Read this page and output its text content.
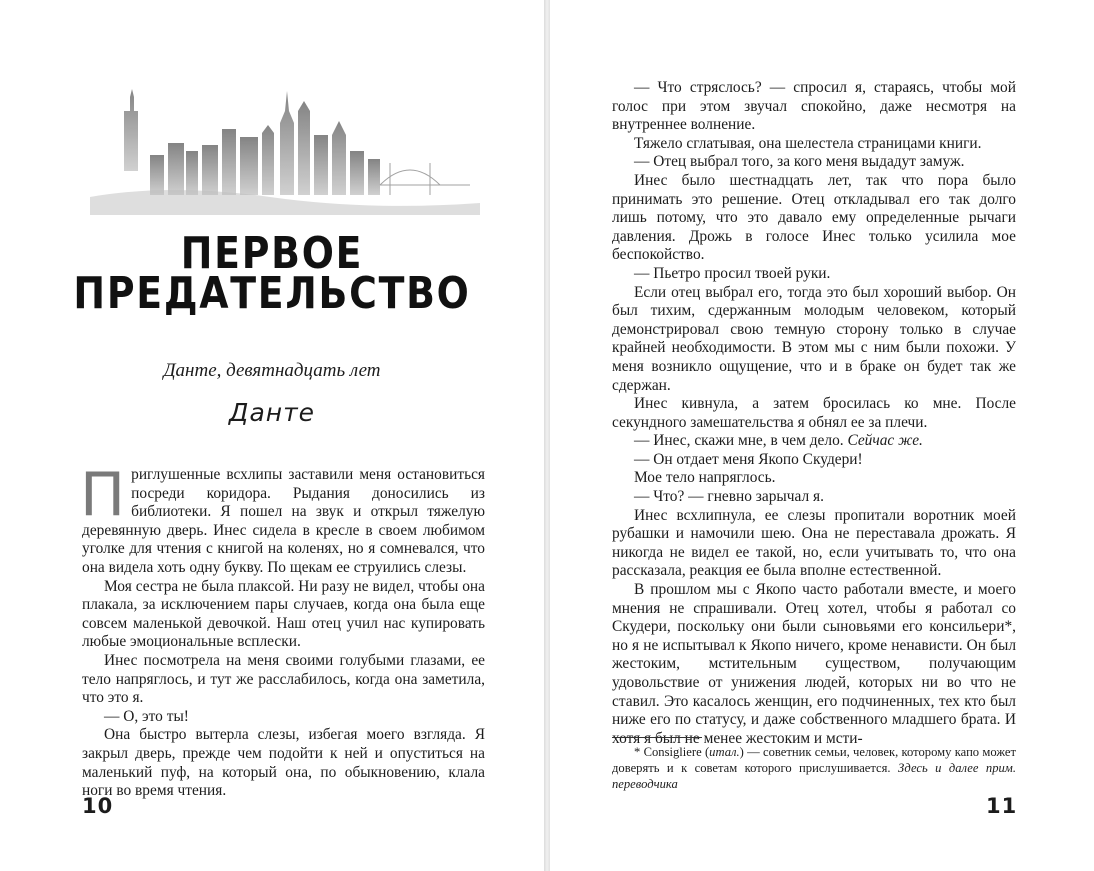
ПЕРВОЕ
ПРЕДАТЕЛЬСТВО
Данте, девятнадцать лет
Данте

Приглушенные всхлипы заставили меня остановиться посреди коридора. Рыдания доносились из библиотеки. Я пошел на звук и открыл тяжелую деревянную дверь. Инес сидела в кресле в своем любимом уголке для чтения с книгой на коленях, но я сомневался, что она видела хоть одну букву. По щекам ее струились слезы.

Моя сестра не была плаксой. Ни разу не видел, чтобы она плакала, за исключением пары случаев, когда она была еще совсем маленькой девочкой. Наш отец учил нас купировать любые эмоциональные всплески.

Инес посмотрела на меня своими голубыми глазами, ее тело напряглось, и тут же расслабилось, когда она заметила, что это я.

— О, это ты!

Она быстро вытерла слезы, избегая моего взгляда. Я закрыл дверь, прежде чем подойти к ней и опуститься на маленький пуф, на который она, по обыкновению, клала ноги во время чтения.

10

— Что стряслось? — спросил я, стараясь, чтобы мой голос при этом звучал спокойно, даже несмотря на внутреннее волнение.

Тяжело сглатывая, она шелестела страницами книги.

— Отец выбрал того, за кого меня выдадут замуж.

Инес было шестнадцать лет, так что пора было принимать это решение. Отец откладывал его так долго лишь потому, что это давало ему определенные рычаги давления. Дрожь в голосе Инес только усилила мое беспокойство.

— Пьетро просил твоей руки.

Если отец выбрал его, тогда это был хороший выбор. Он был тихим, сдержанным молодым человеком, который демонстрировал свою темную сторону только в случае крайней необходимости. В этом мы с ним были похожи. У меня возникло ощущение, что и в браке он будет так же сдержан.

Инес кивнула, а затем бросилась ко мне. После секундного замешательства я обнял ее за плечи.

— Инес, скажи мне, в чем дело. Сейчас же.

— Он отдает меня Якопо Скудери!

Мое тело напряглось.

— Что? — гневно зарычал я.

Инес всхлипнула, ее слезы пропитали воротник моей рубашки и намочили шею. Она не переставала дрожать. Я никогда не видел ее такой, но, если учитывать то, что она рассказала, реакция ее была вполне естественной.

В прошлом мы с Якопо часто работали вместе, и моего мнения не спрашивали. Отец хотел, чтобы я работал со Скудери, поскольку они были сыновьями его консильери*, но я не испытывал к Якопо ничего, кроме ненависти. Он был жестоким, мстительным существом, получающим удовольствие от унижения людей, которых ни во что не ставил. Это касалось женщин, его подчиненных, тех кто был ниже его по статусу, и даже собственного младшего брата. И хотя я был не менее жестоким и мсти-

* Consigliere (итал.) — советник семьи, человек, которому капо может доверять и к советам которого прислушивается. Здесь и далее прим. переводчика

11
